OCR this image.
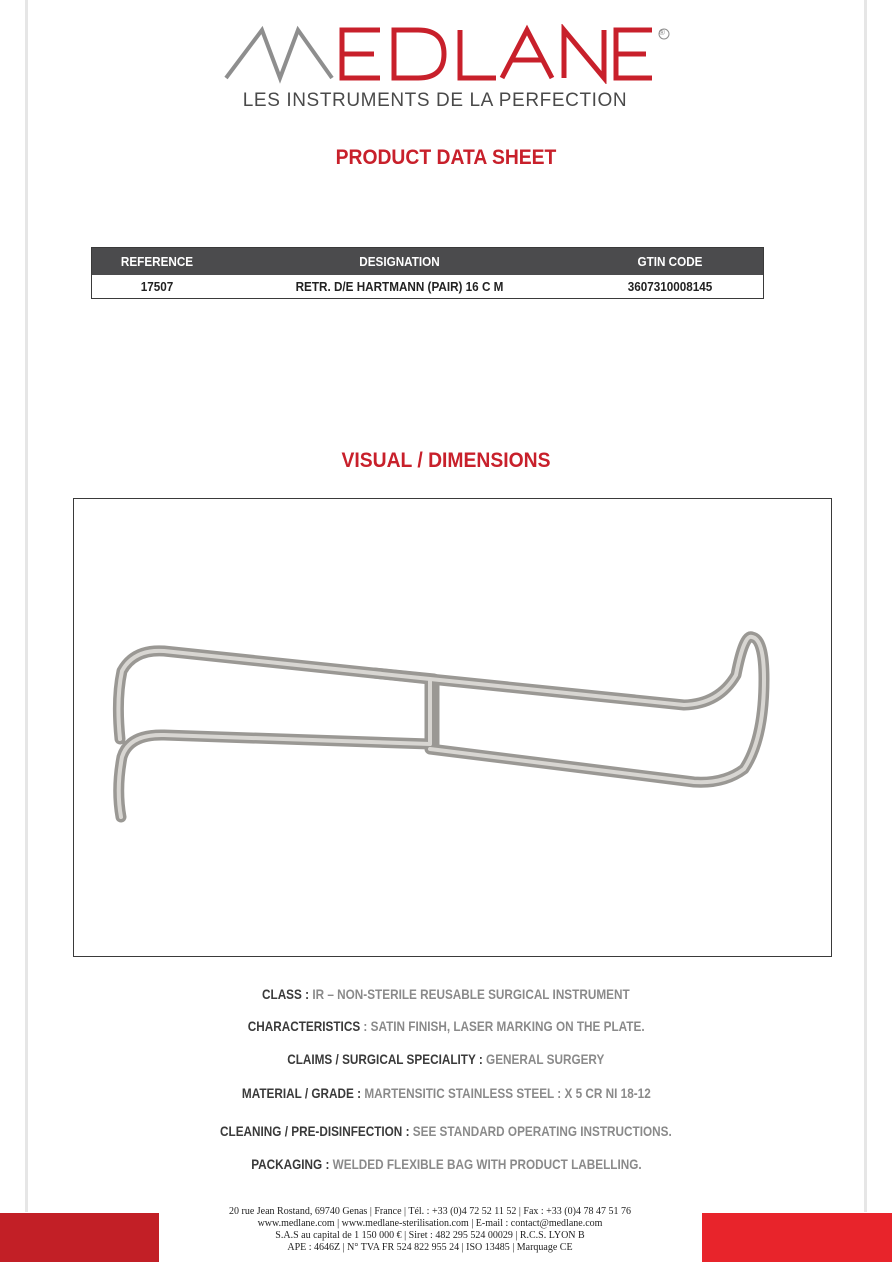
®
LES INSTRUMENTS DE LA PERFECTION
PRODUCT DATA SHEET
REFERENCE	DESIGNATION	GTIN CODE
17507	RETR. D/E HARTMANN (PAIR) 16 C M	3607310008145
VISUAL / DIMENSIONS
CLASS : IR – NON-STERILE REUSABLE SURGICAL INSTRUMENT
CHARACTERISTICS : SATIN FINISH, LASER MARKING ON THE PLATE.
CLAIMS / SURGICAL SPECIALITY : GENERAL SURGERY
MATERIAL / GRADE : MARTENSITIC STAINLESS STEEL : X 5 CR NI 18-12
CLEANING / PRE-DISINFECTION : SEE STANDARD OPERATING INSTRUCTIONS.
PACKAGING : WELDED FLEXIBLE BAG WITH PRODUCT LABELLING.
20 rue Jean Rostand, 69740 Genas | France | Tél. : +33 (0)4 72 52 11 52 | Fax : +33 (0)4 78 47 51 76
www.medlane.com | www.medlane-sterilisation.com | E-mail : contact@medlane.com
S.A.S au capital de 1 150 000 € | Siret : 482 295 524 00029 | R.C.S. LYON B
APE : 4646Z | N° TVA FR 524 822 955 24 | ISO 13485 | Marquage CE
